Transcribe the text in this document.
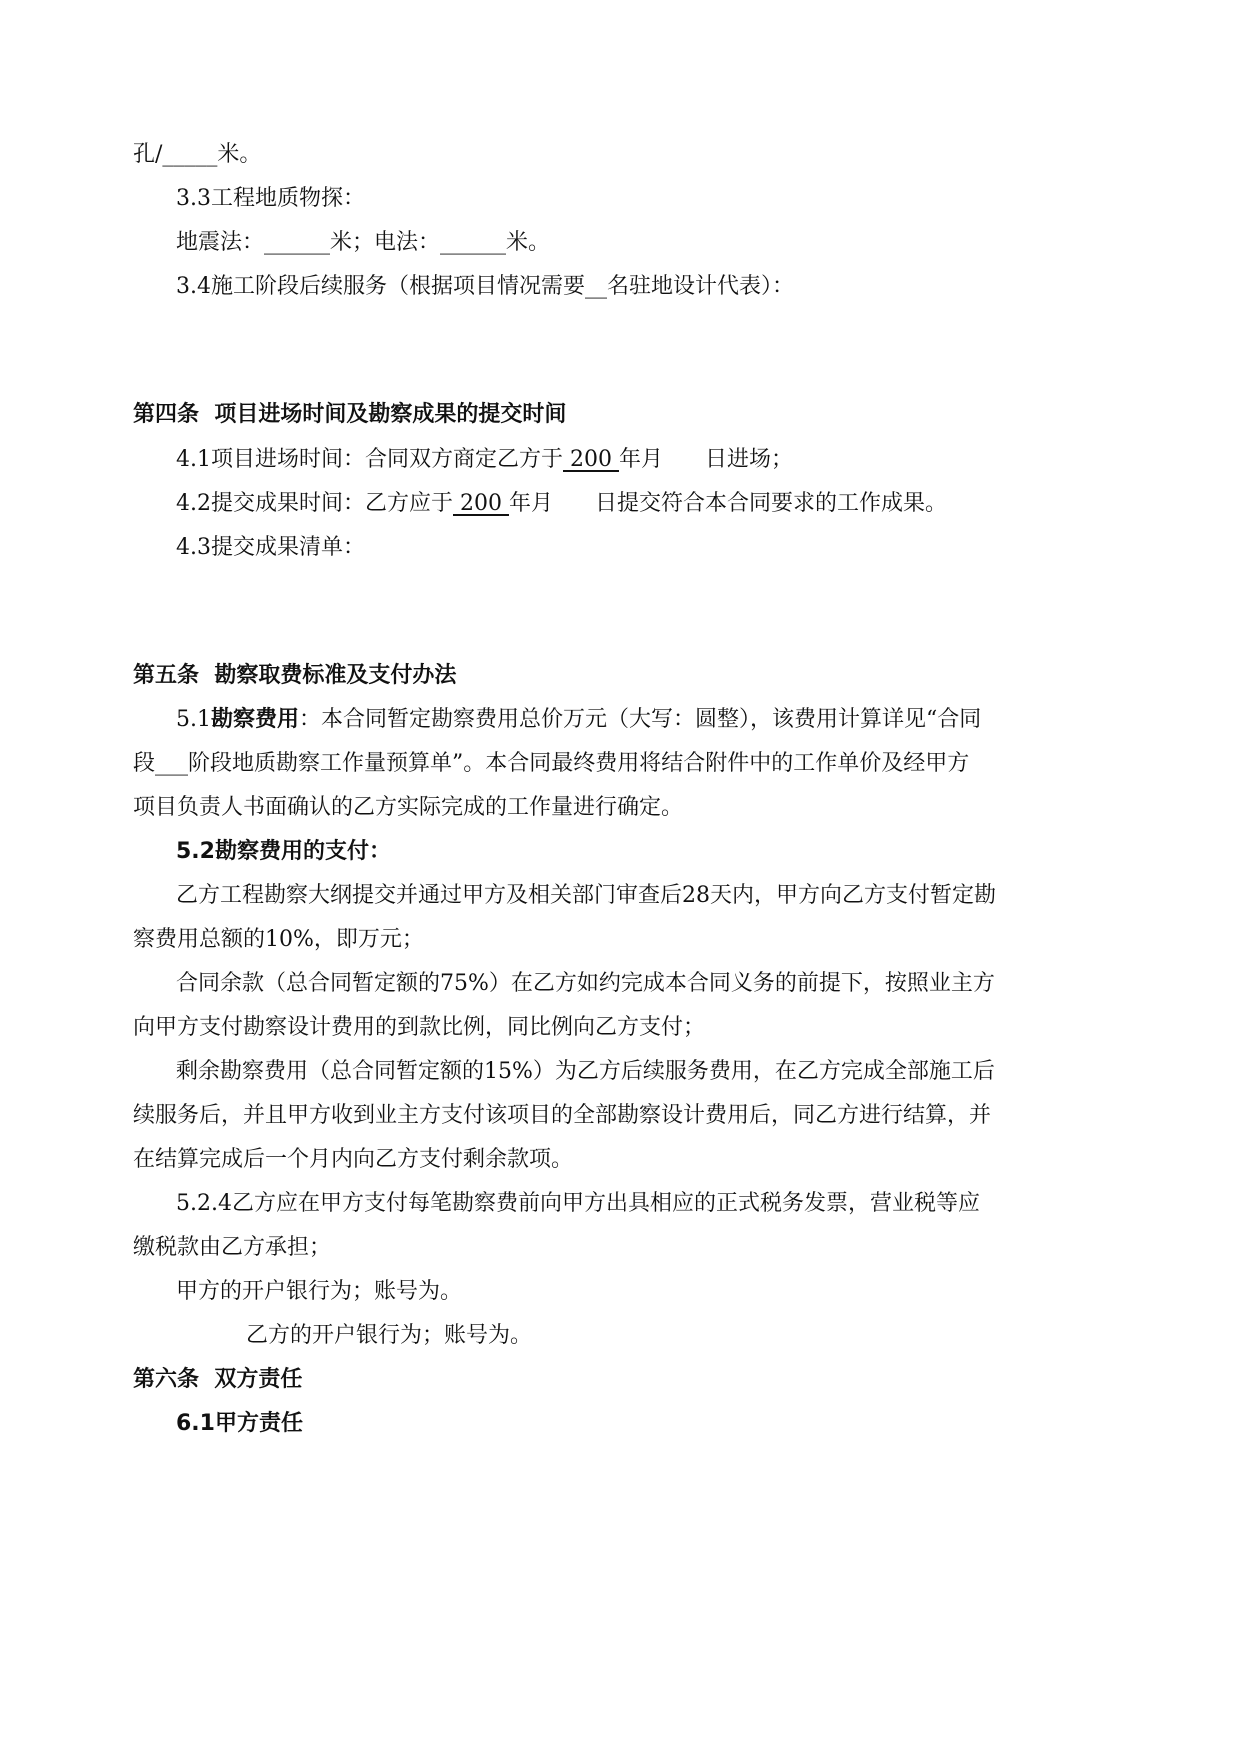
孔/_____米。
3.3工程地质物探：
地震法：______米；电法：______米。
3.4施工阶段后续服务（根据项目情况需要__名驻地设计代表）：
第四条  项目进场时间及勘察成果的提交时间
4.1项目进场时间：合同双方商定乙方于 200 年月      日进场；
4.2提交成果时间：乙方应于 200 年月      日提交符合本合同要求的工作成果。
4.3提交成果清单：
第五条  勘察取费标准及支付办法
5.1勘察费用：本合同暂定勘察费用总价万元（大写：圆整），该费用计算详见“合同
段___阶段地质勘察工作量预算单”。本合同最终费用将结合附件中的工作单价及经甲方
项目负责人书面确认的乙方实际完成的工作量进行确定。
5.2勘察费用的支付：
乙方工程勘察大纲提交并通过甲方及相关部门审查后28天内，甲方向乙方支付暂定勘
察费用总额的10%，即万元；
合同余款（总合同暂定额的75%）在乙方如约完成本合同义务的前提下，按照业主方
向甲方支付勘察设计费用的到款比例，同比例向乙方支付；
剩余勘察费用（总合同暂定额的15%）为乙方后续服务费用，在乙方完成全部施工后
续服务后，并且甲方收到业主方支付该项目的全部勘察设计费用后，同乙方进行结算，并
在结算完成后一个月内向乙方支付剩余款项。
5.2.4乙方应在甲方支付每笔勘察费前向甲方出具相应的正式税务发票，营业税等应
缴税款由乙方承担；
甲方的开户银行为；账号为。
乙方的开户银行为；账号为。
第六条  双方责任
6.1甲方责任
